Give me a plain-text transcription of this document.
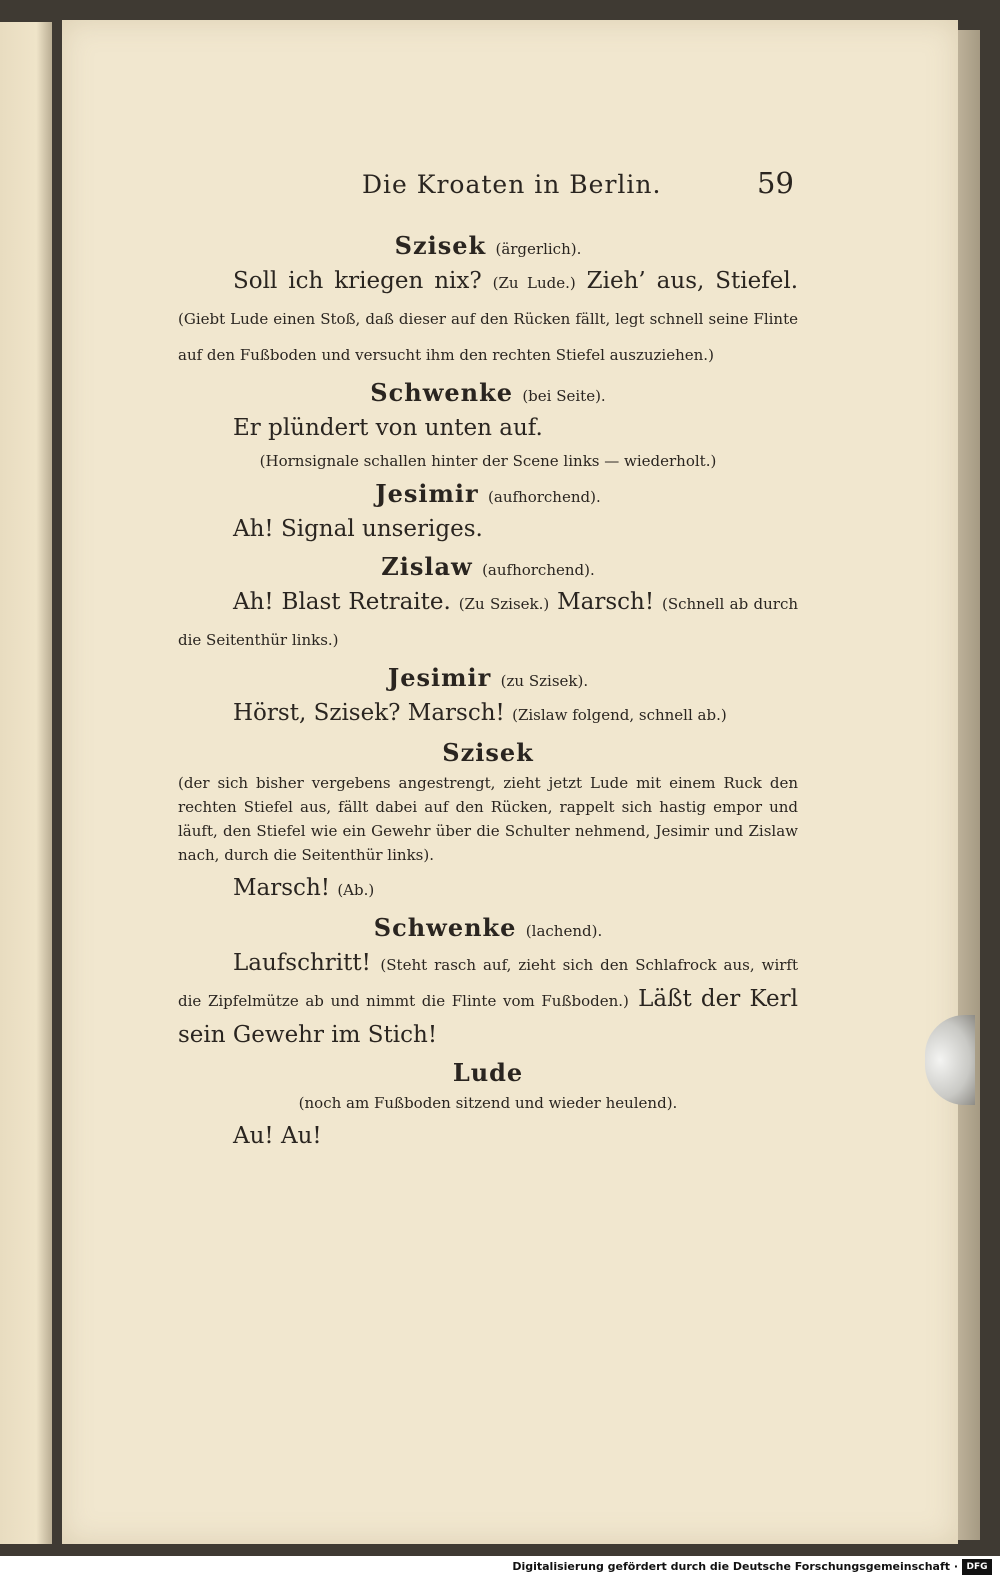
Die Kroaten in Berlin.	59
Szisek (ärgerlich).

Soll ich kriegen nix? (Zu Lude.) Zieh’ aus, Stiefel. (Giebt Lude einen Stoß, daß dieser auf den Rücken fällt, legt schnell seine Flinte auf den Fußboden und versucht ihm den rechten Stiefel auszuziehen.)

Schwenke (bei Seite).

Er plündert von unten auf.

(Hornsignale schallen hinter der Scene links — wiederholt.)

Jesimir (aufhorchend).

Ah! Signal unseriges.

Zislaw (aufhorchend).

Ah! Blast Retraite. (Zu Szisek.) Marsch! (Schnell ab durch die Seitenthür links.)

Jesimir (zu Szisek).

Hörst, Szisek? Marsch! (Zislaw folgend, schnell ab.)

Szisek

(der sich bisher vergebens angestrengt, zieht jetzt Lude mit einem Ruck den rechten Stiefel aus, fällt dabei auf den Rücken, rappelt sich hastig empor und läuft, den Stiefel wie ein Gewehr über die Schulter nehmend, Jesimir und Zislaw nach, durch die Seitenthür links).

Marsch! (Ab.)

Schwenke (lachend).

Laufschritt! (Steht rasch auf, zieht sich den Schlafrock aus, wirft die Zipfelmütze ab und nimmt die Flinte vom Fußboden.) Läßt der Kerl sein Gewehr im Stich!

Lude

(noch am Fußboden sitzend und wieder heulend).

Au! Au!

Digitalisierung gefördert durch die Deutsche Forschungsgemeinschaft · DFG
